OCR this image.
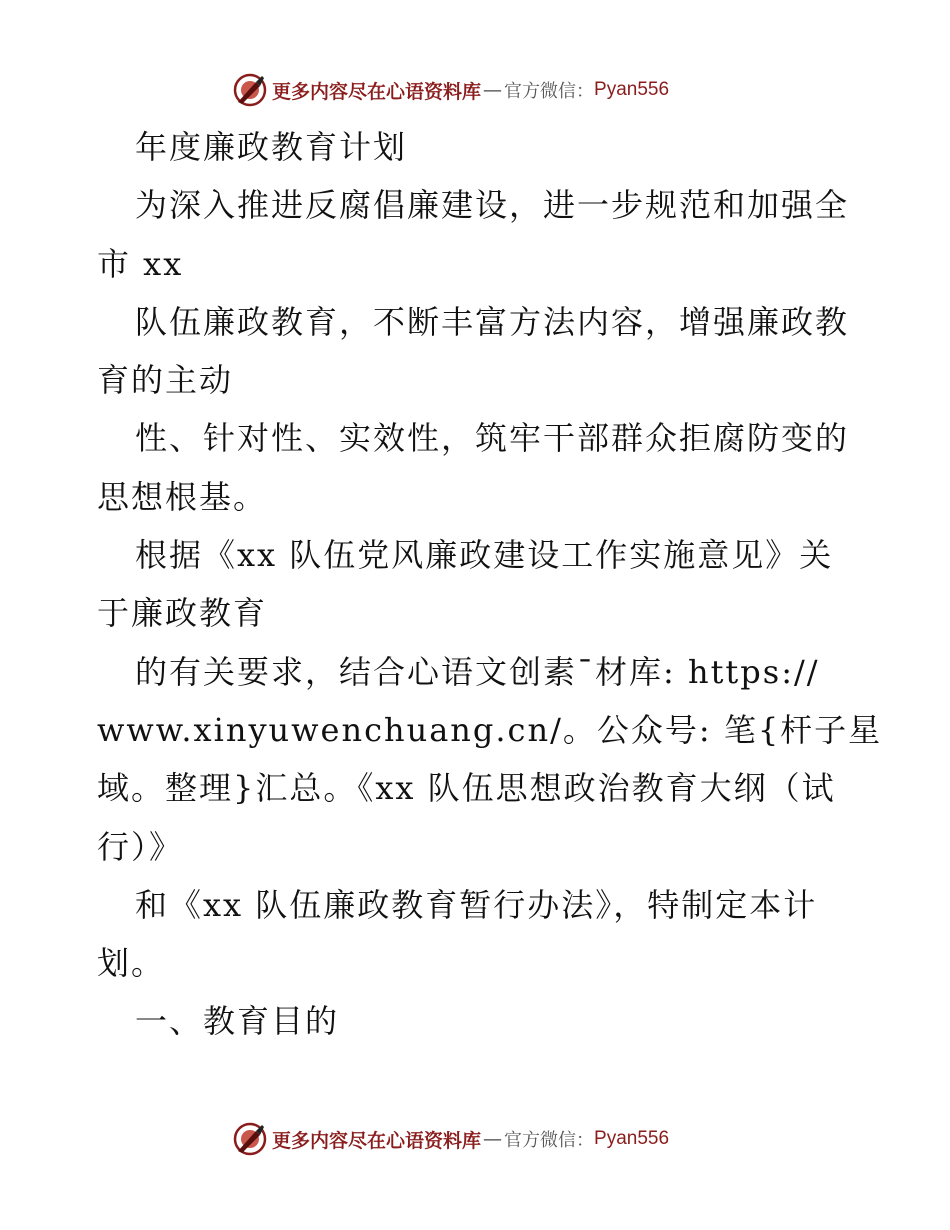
更多内容尽在心语资料库 — 官方微信： Pyan556
年度廉政教育计划
为深入推进反腐倡廉建设，进一步规范和加强全
市 xx
队伍廉政教育，不断丰富方法内容，增强廉政教
育的主动
性、针对性、实效性，筑牢干部群众拒腐防变的
思想根基。
根据《xx 队伍党风廉政建设工作实施意见》关
于廉政教育
的有关要求，结合心语文创素¯材库: https://
www.xinyuwenchuang.cn/。公众号: 笔{杆子星
域。整理}汇总。《xx 队伍思想政治教育大纲（试
行）》
和《xx 队伍廉政教育暂行办法》，特制定本计
划。
一、教育目的
更多内容尽在心语资料库 — 官方微信： Pyan556
